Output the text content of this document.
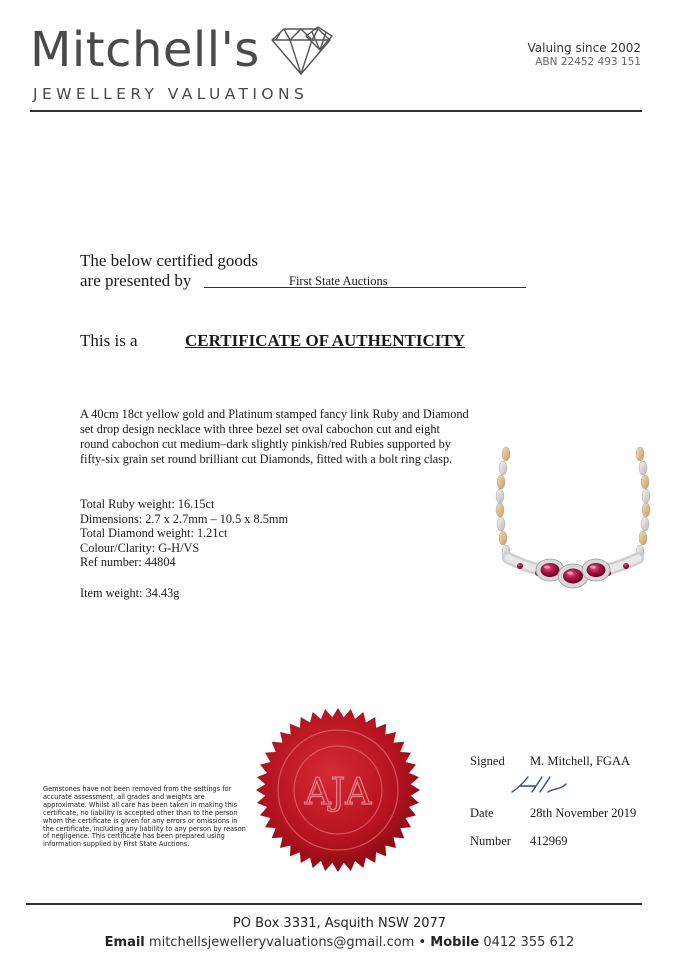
Mitchell's
JEWELLERY VALUATIONS
Valuing since 2002
ABN 22452 493 151
The below certified goods
are presented by	First State Auctions
This is a	CERTIFICATE OF AUTHENTICITY
A 40cm 18ct yellow gold and Platinum stamped fancy link Ruby and Diamond set drop design necklace with three bezel set oval cabochon cut and eight round cabochon cut medium–dark slightly pinkish/red Rubies supported by fifty-six grain set round brilliant cut Diamonds, fitted with a bolt ring clasp.
Total Ruby weight: 16.15ct
Dimensions: 2.7 x 2.7mm – 10.5 x 8.5mm
Total Diamond weight: 1.21ct
Colour/Clarity: G-H/VS
Ref number: 44804
Item weight: 34.43g
Gemstones have not been removed from the settings for accurate assessment, all grades and weights are approximate. Whilst all care has been taken in making this certificate, no liability is accepted other than to the person whom the certificate is given for any errors or omissions in the certificate, including any liability to any person by reason of negligence. This certificate has been prepared using information supplied by First State Auctions.
AJA
Signed M. Mitchell, FGAA
Date	28th November 2019
Number 412969
PO Box 3331, Asquith NSW 2077
Email mitchellsjewelleryvaluations@gmail.com • Mobile 0412 355 612
